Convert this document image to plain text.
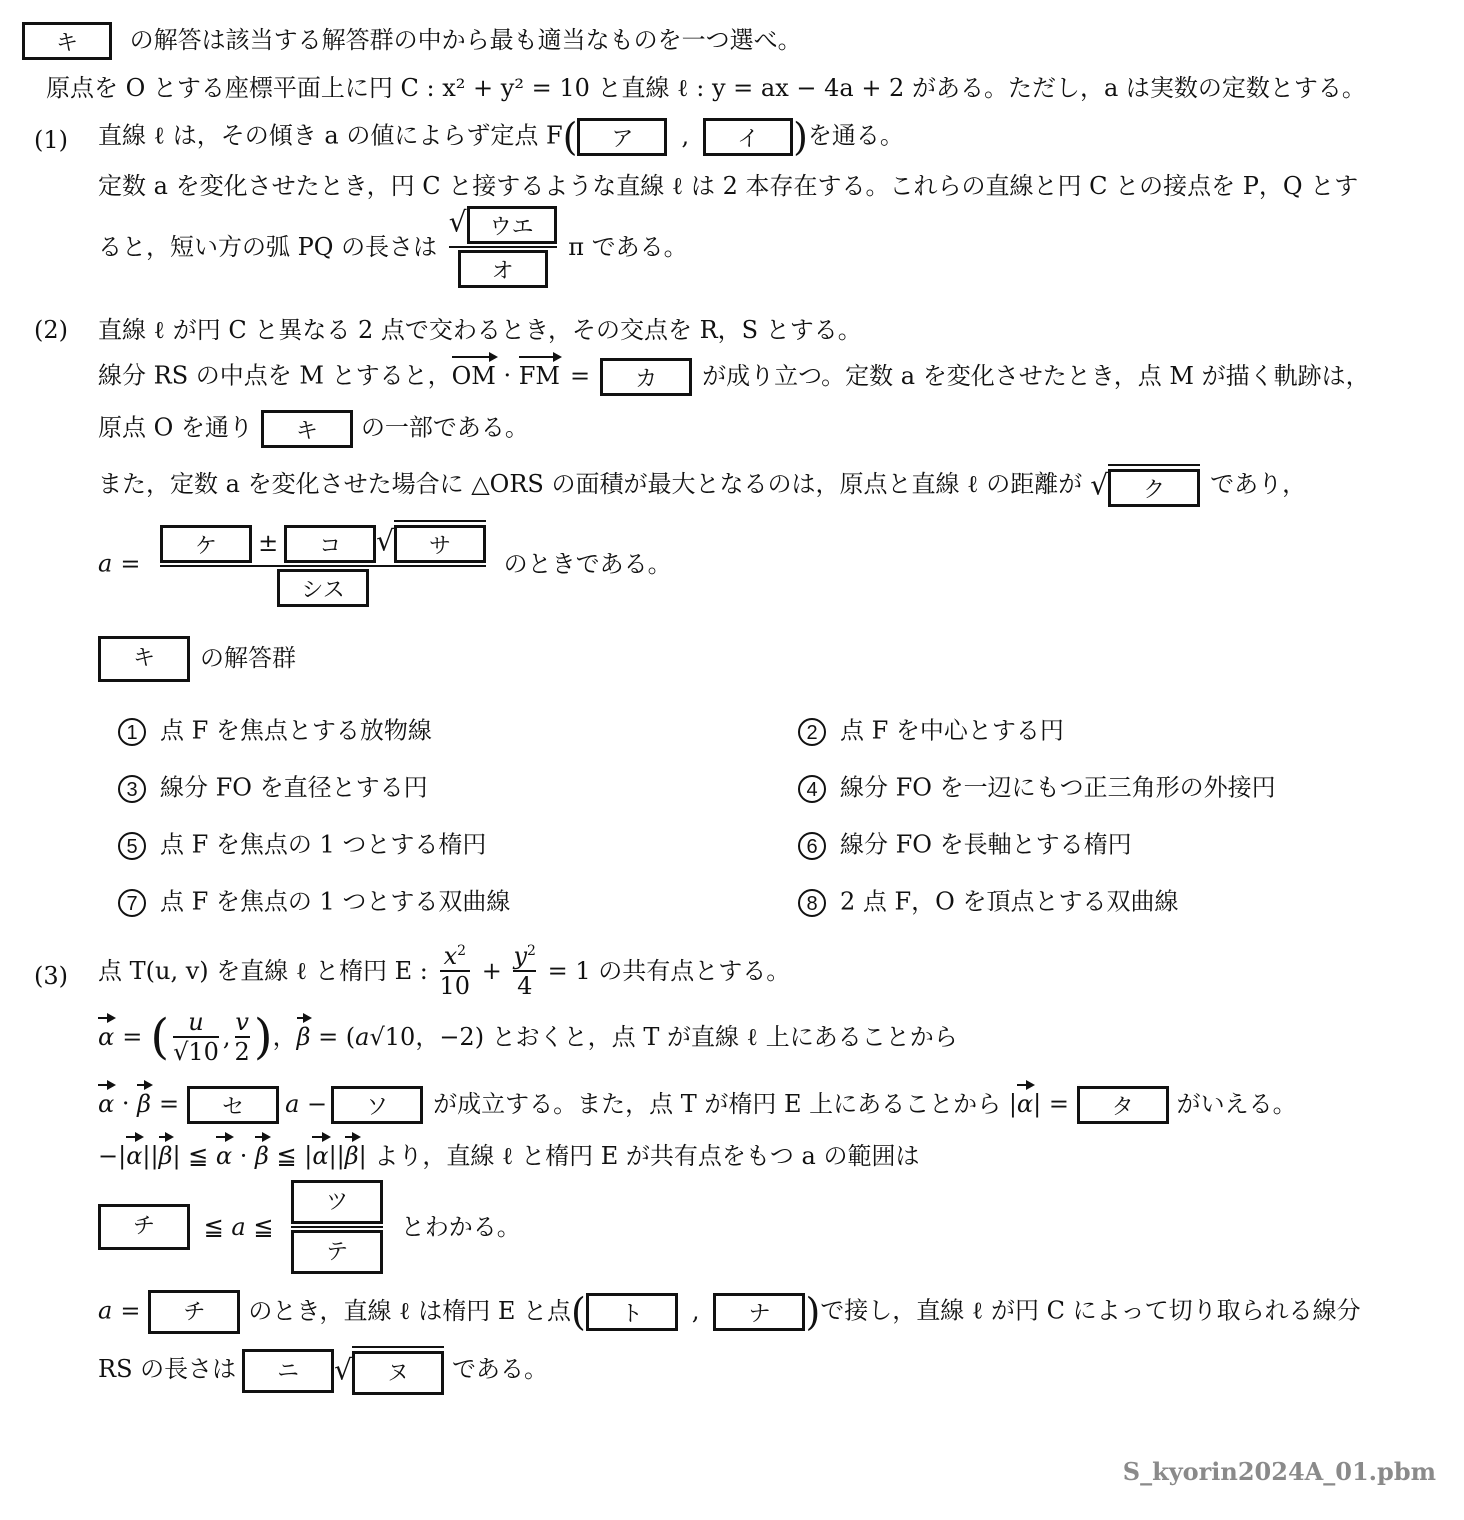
キ の解答は該当する解答群の中から最も適当なものを一つ選べ。
原点を O とする座標平面上に円 C : x² + y² = 10 と直線 ℓ : y = ax − 4a + 2 がある。ただし，a は実数の定数とする。
(1) 直線 ℓ は，その傾き a の値によらず定点 F( ア , イ )を通る。
定数 a を変化させたとき，円 C と接するような直線 ℓ は 2 本存在する。これらの直線と円 C との接点を P，Q とす
ると，短い方の弧 PQ の長さは $\frac{\text{√ ウエ}}{\text{オ}}$ π である。
(2) 直線 ℓ が円 C と異なる 2 点で交わるとき，その交点を R，S とする。
線分 RS の中点を M とすると，OM · FM = カ が成り立つ。定数 a を変化させたとき，点 M が描く軌跡は，
原点 O を通り キ の一部である。
また，定数 a を変化させた場合に △ORS の面積が最大となるのは，原点と直線 ℓ の距離が √ ク であり，
$a = \frac{\text{ケ ± コ √ サ}}{\text{シス}}$ のときである。
キ の解答群
1 点 F を焦点とする放物線	2 点 F を中心とする円
3 線分 FO を直径とする円	4 線分 FO を一辺にもつ正三角形の外接円
5 点 F を焦点の 1 つとする楕円	6 線分 FO を長軸とする楕円
7 点 F を焦点の 1 つとする双曲線	8 2 点 F，O を頂点とする双曲線
(3) 点 T(u, v) を直線 ℓ と楕円 E : $\frac{x^2}{10} + \frac{y^2}{4} = 1$ の共有点とする。
α = ( $\frac{u}{√10}$ , $\frac{v}{2}$ )，β = (a√10，−2) とおくと，点 T が直線 ℓ 上にあることから
α · β = セ a − ソ が成立する。また，点 T が楕円 E 上にあることから |α| = タ がいえる。
−|α||β| ≦ α · β ≦ |α||β| より，直線 ℓ と楕円 E が共有点をもつ a の範囲は
チ ≦ a ≦ $\frac{\text{ツ}}{\text{テ}}$ とわかる。
a = チ のとき，直線 ℓ は楕円 E と点( ト , ナ )で接し，直線 ℓ が円 C によって切り取られる線分
RS の長さは ニ √ ヌ である。
S_kyorin2024A_01.pbm
